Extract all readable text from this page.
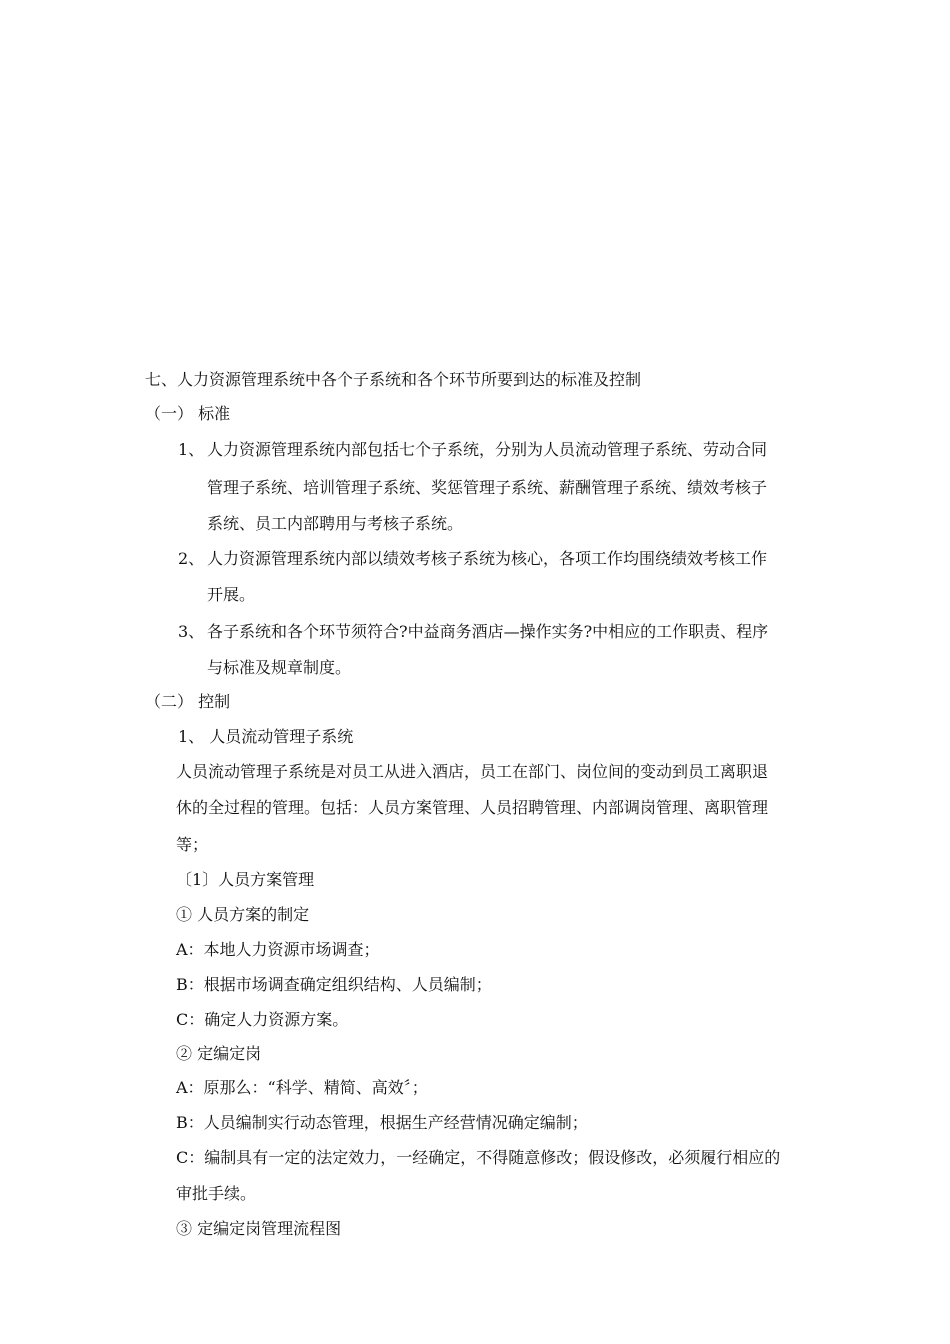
七、人力资源管理系统中各个子系统和各个环节所要到达的标准及控制
（一） 标准
1、 人力资源管理系统内部包括七个子系统，分别为人员流动管理子系统、劳动合同
管理子系统、培训管理子系统、奖惩管理子系统、薪酬管理子系统、绩效考核子
系统、员工内部聘用与考核子系统。
2、 人力资源管理系统内部以绩效考核子系统为核心，各项工作均围绕绩效考核工作
开展。
3、 各子系统和各个环节须符合?中益商务酒店—操作实务?中相应的工作职责、程序
与标准及规章制度。
（二） 控制
1、 人员流动管理子系统
人员流动管理子系统是对员工从进入酒店，员工在部门、岗位间的变动到员工离职退
休的全过程的管理。包括：人员方案管理、人员招聘管理、内部调岗管理、离职管理
等；
〔1〕人员方案管理
① 人员方案的制定
A：本地人力资源市场调查；
B：根据市场调查确定组织结构、人员编制；
C：确定人力资源方案。
② 定编定岗
A：原那么：“科学、精简、高效〞；
B：人员编制实行动态管理，根据生产经营情况确定编制；
C：编制具有一定的法定效力，一经确定，不得随意修改；假设修改，必须履行相应的
审批手续。
③ 定编定岗管理流程图
